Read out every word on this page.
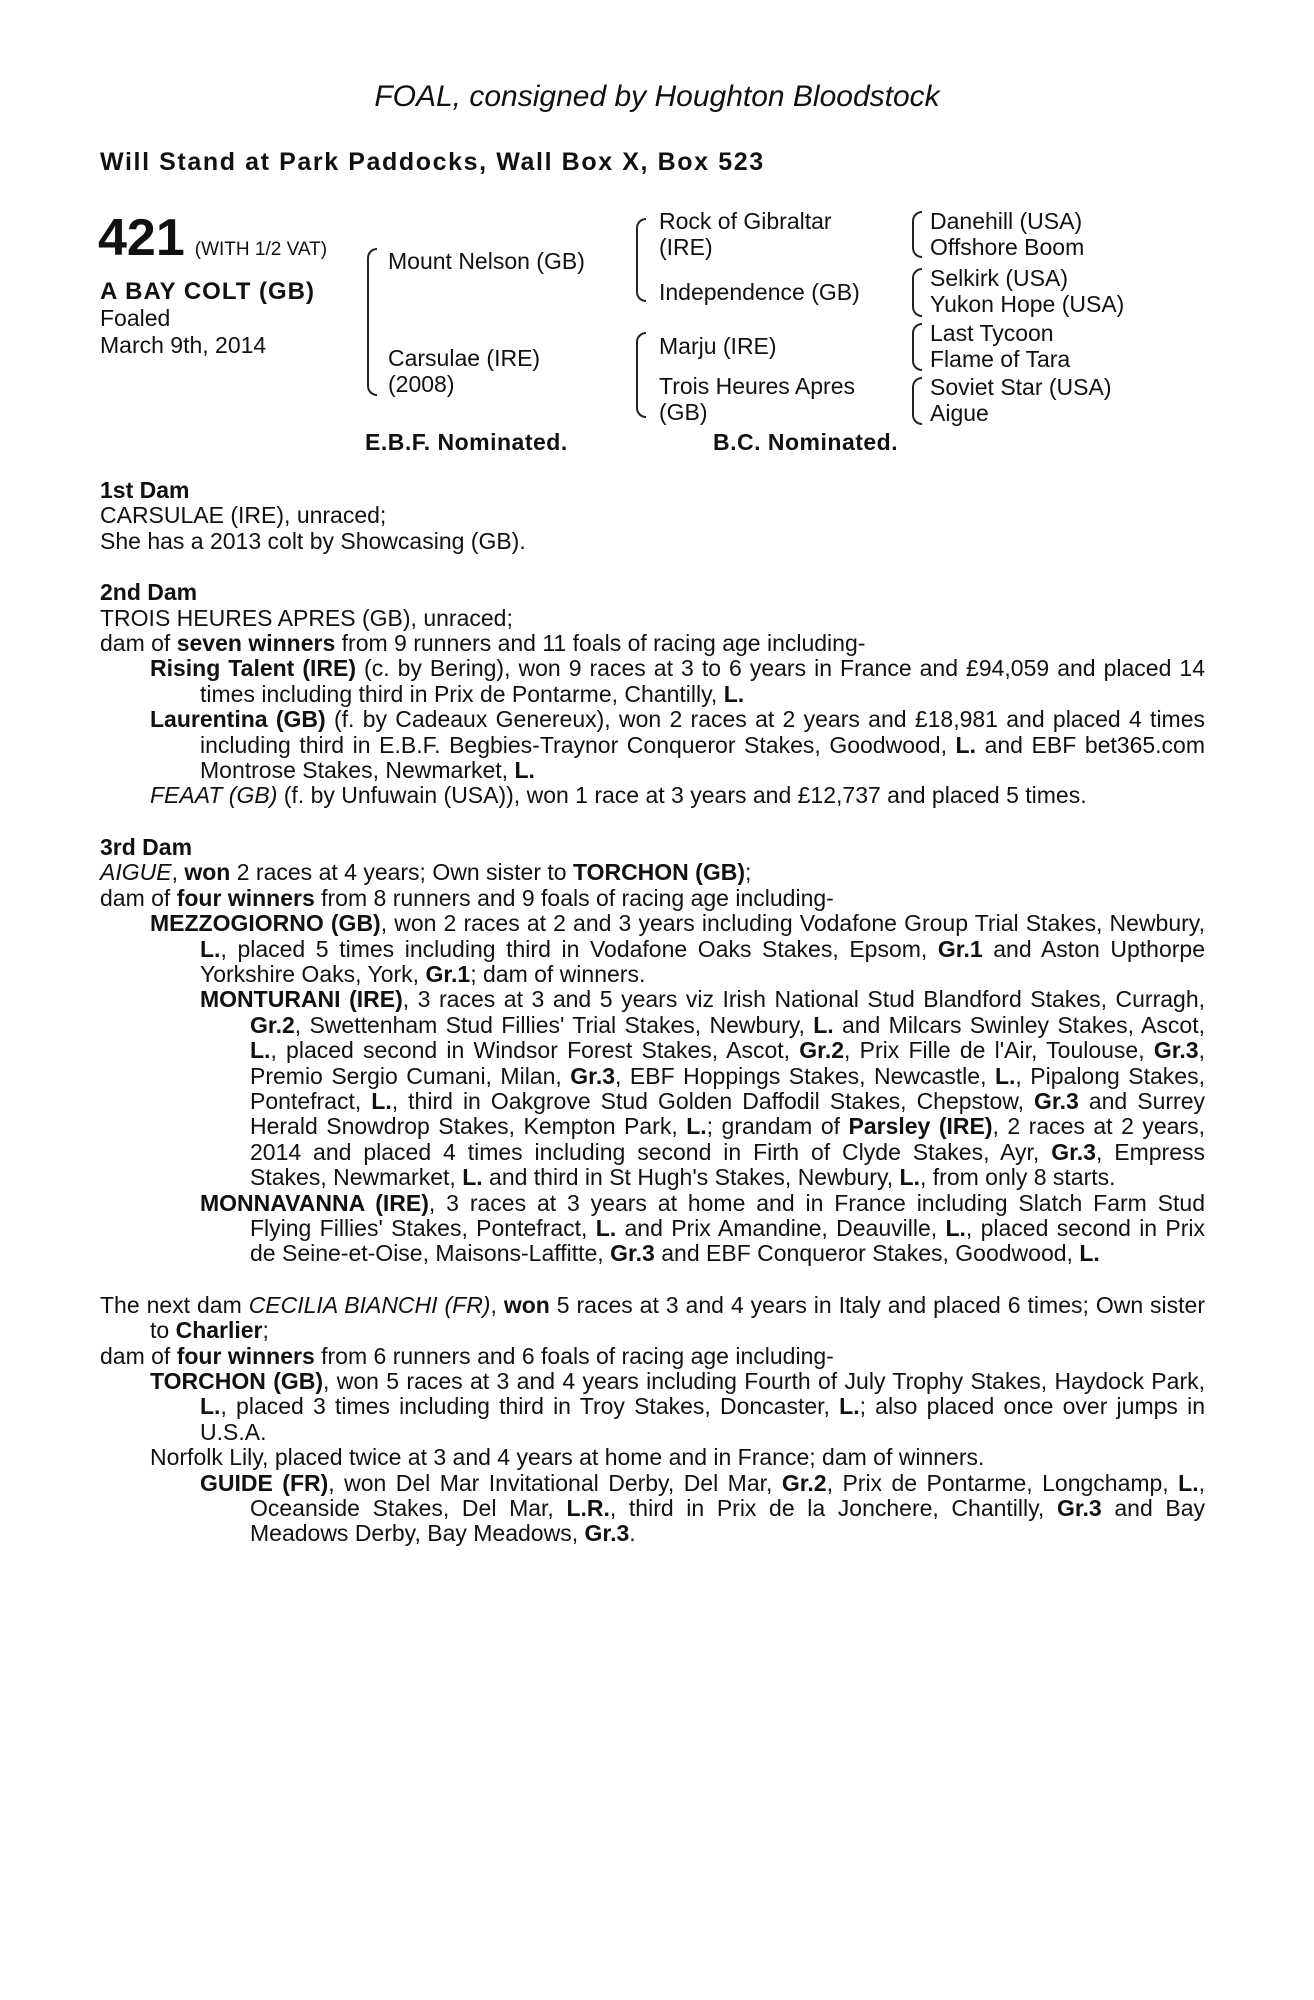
FOAL, consigned by Houghton Bloodstock
Will Stand at Park Paddocks, Wall Box X, Box 523
421 (WITH 1/2 VAT)
A BAY COLT (GB)
Foaled
March 9th, 2014
Mount Nelson (GB)
Carsulae (IRE)
(2008)
Rock of Gibraltar
(IRE)
Independence (GB)
Marju (IRE)
Trois Heures Apres
(GB)
Danehill (USA)
Offshore Boom
Selkirk (USA)
Yukon Hope (USA)
Last Tycoon
Flame of Tara
Soviet Star (USA)
Aigue
E.B.F. Nominated.	B.C. Nominated.
1st Dam

CARSULAE (IRE), unraced;

She has a 2013 colt by Showcasing (GB).

2nd Dam

TROIS HEURES APRES (GB), unraced;

dam of seven winners from 9 runners and 11 foals of racing age including-

Rising Talent (IRE) (c. by Bering), won 9 races at 3 to 6 years in France and £94,059 and placed 14 times including third in Prix de Pontarme, Chantilly, L.

Laurentina (GB) (f. by Cadeaux Genereux), won 2 races at 2 years and £18,981 and placed 4 times including third in E.B.F. Begbies-Traynor Conqueror Stakes, Goodwood, L. and EBF bet365.com Montrose Stakes, Newmarket, L.

FEAAT (GB) (f. by Unfuwain (USA)), won 1 race at 3 years and £12,737 and placed 5 times.

3rd Dam

AIGUE, won 2 races at 4 years; Own sister to TORCHON (GB);

dam of four winners from 8 runners and 9 foals of racing age including-

MEZZOGIORNO (GB), won 2 races at 2 and 3 years including Vodafone Group Trial Stakes, Newbury, L., placed 5 times including third in Vodafone Oaks Stakes, Epsom, Gr.1 and Aston Upthorpe Yorkshire Oaks, York, Gr.1; dam of winners.

MONTURANI (IRE), 3 races at 3 and 5 years viz Irish National Stud Blandford Stakes, Curragh, Gr.2, Swettenham Stud Fillies' Trial Stakes, Newbury, L. and Milcars Swinley Stakes, Ascot, L., placed second in Windsor Forest Stakes, Ascot, Gr.2, Prix Fille de l'Air, Toulouse, Gr.3, Premio Sergio Cumani, Milan, Gr.3, EBF Hoppings Stakes, Newcastle, L., Pipalong Stakes, Pontefract, L., third in Oakgrove Stud Golden Daffodil Stakes, Chepstow, Gr.3 and Surrey Herald Snowdrop Stakes, Kempton Park, L.; grandam of Parsley (IRE), 2 races at 2 years, 2014 and placed 4 times including second in Firth of Clyde Stakes, Ayr, Gr.3, Empress Stakes, Newmarket, L. and third in St Hugh's Stakes, Newbury, L., from only 8 starts.

MONNAVANNA (IRE), 3 races at 3 years at home and in France including Slatch Farm Stud Flying Fillies' Stakes, Pontefract, L. and Prix Amandine, Deauville, L., placed second in Prix de Seine-et-Oise, Maisons-Laffitte, Gr.3 and EBF Conqueror Stakes, Goodwood, L.

The next dam CECILIA BIANCHI (FR), won 5 races at 3 and 4 years in Italy and placed 6 times; Own sister to Charlier;

dam of four winners from 6 runners and 6 foals of racing age including-

TORCHON (GB), won 5 races at 3 and 4 years including Fourth of July Trophy Stakes, Haydock Park, L., placed 3 times including third in Troy Stakes, Doncaster, L.; also placed once over jumps in U.S.A.

Norfolk Lily, placed twice at 3 and 4 years at home and in France; dam of winners.

GUIDE (FR), won Del Mar Invitational Derby, Del Mar, Gr.2, Prix de Pontarme, Longchamp, L., Oceanside Stakes, Del Mar, L.R., third in Prix de la Jonchere, Chantilly, Gr.3 and Bay Meadows Derby, Bay Meadows, Gr.3.
